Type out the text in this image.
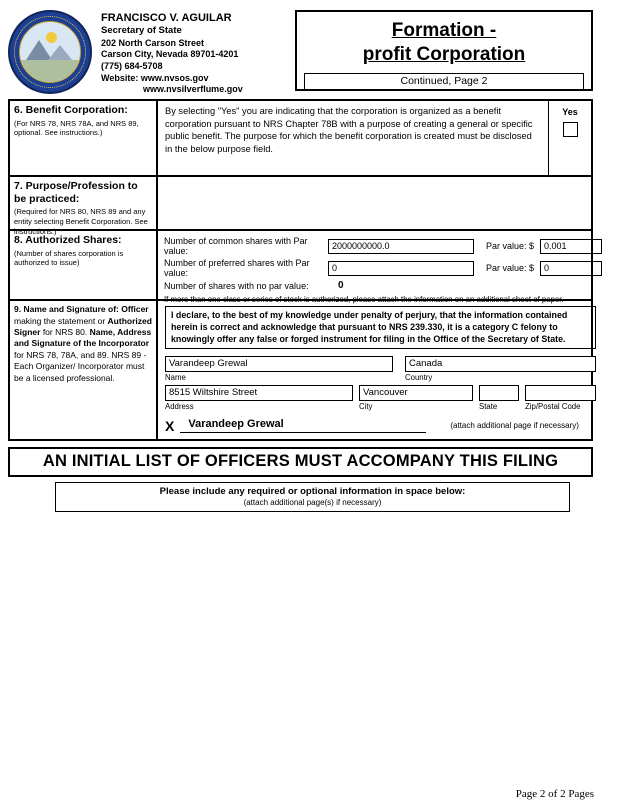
FRANCISCO V. AGUILAR
Secretary of State
202 North Carson Street
Carson City, Nevada 89701-4201
(775) 684-5708
Website: www.nvsos.gov
www.nvsilverflume.gov
Formation -
profit Corporation
Continued, Page 2
6. Benefit Corporation:
(For NRS 78, NRS 78A, and NRS 89, optional. See instructions.)
By selecting "Yes" you are indicating that the corporation is organized as a benefit corporation pursuant to NRS Chapter 78B with a purpose of creating a general or specific public benefit. The purpose for which the benefit corporation is created must be disclosed in the below purpose field.
Yes
7. Purpose/Profession to be practiced:
(Required for NRS 80, NRS 89 and any entity selecting Benefit Corporation. See instructions.)
8. Authorized Shares:
(Number of shares corporation is authorized to issue)
Number of common shares with Par value:
2000000000.0	Par value: $	0.001
Number of preferred shares with Par value:
0	Par value: $	0
Number of shares with no par value:	0
If more than one class or series of stock is authorized, please attach the information on an additional sheet of paper.
9. Name and Signature of: Officer making the statement or Authorized Signer for NRS 80. Name, Address and Signature of the Incorporator for NRS 78, 78A, and 89. NRS 89 - Each Organizer/ Incorporator must be a licensed professional.
I declare, to the best of my knowledge under penalty of perjury, that the information contained herein is correct and acknowledge that pursuant to NRS 239.330, it is a category C felony to knowingly offer any false or forged instrument for filing in the Office of the Secretary of State.
Varandeep Grewal
Name
Canada
Country
8515 Wiltshire Street
Address
Vancouver
City	State	Zip/Postal Code
X	Varandeep Grewal	(attach additional page if necessary)
AN INITIAL LIST OF OFFICERS MUST ACCOMPANY THIS FILING
Please include any required or optional information in space below:
(attach additional page(s) if necessary)
Page 2 of 2 Pages
